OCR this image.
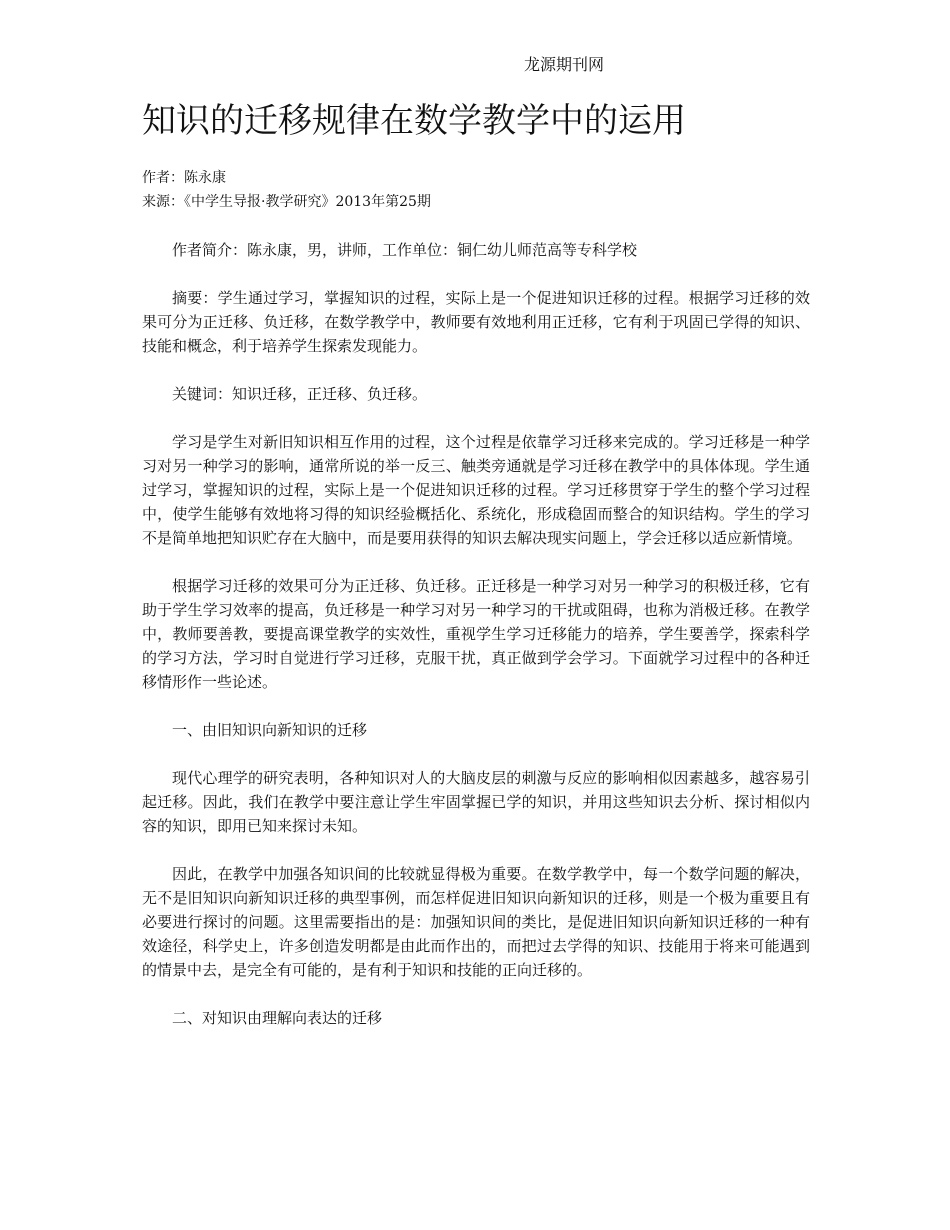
龙源期刊网
知识的迁移规律在数学教学中的运用
作者：陈永康
来源：《中学生导报·教学研究》2013年第25期

作者简介：陈永康，男，讲师，工作单位：铜仁幼儿师范高等专科学校

摘要：学生通过学习，掌握知识的过程，实际上是一个促进知识迁移的过程。根据学习迁移的效果可分为正迁移、负迁移，在数学教学中，教师要有效地利用正迁移，它有利于巩固已学得的知识、技能和概念，利于培养学生探索发现能力。

关键词：知识迁移，正迁移、负迁移。

学习是学生对新旧知识相互作用的过程，这个过程是依靠学习迁移来完成的。学习迁移是一种学习对另一种学习的影响，通常所说的举一反三、触类旁通就是学习迁移在教学中的具体体现。学生通过学习，掌握知识的过程，实际上是一个促进知识迁移的过程。学习迁移贯穿于学生的整个学习过程中，使学生能够有效地将习得的知识经验概括化、系统化，形成稳固而整合的知识结构。学生的学习不是简单地把知识贮存在大脑中，而是要用获得的知识去解决现实问题上，学会迁移以适应新情境。

根据学习迁移的效果可分为正迁移、负迁移。正迁移是一种学习对另一种学习的积极迁移，它有助于学生学习效率的提高，负迁移是一种学习对另一种学习的干扰或阻碍，也称为消极迁移。在教学中，教师要善教，要提高课堂教学的实效性，重视学生学习迁移能力的培养，学生要善学，探索科学的学习方法，学习时自觉进行学习迁移，克服干扰，真正做到学会学习。下面就学习过程中的各种迁移情形作一些论述。

一、由旧知识向新知识的迁移

现代心理学的研究表明，各种知识对人的大脑皮层的刺激与反应的影响相似因素越多，越容易引起迁移。因此，我们在教学中要注意让学生牢固掌握已学的知识，并用这些知识去分析、探讨相似内容的知识，即用已知来探讨未知。

因此，在教学中加强各知识间的比较就显得极为重要。在数学教学中，每一个数学问题的解决，无不是旧知识向新知识迁移的典型事例，而怎样促进旧知识向新知识的迁移，则是一个极为重要且有必要进行探讨的问题。这里需要指出的是：加强知识间的类比，是促进旧知识向新知识迁移的一种有效途径，科学史上，许多创造发明都是由此而作出的，而把过去学得的知识、技能用于将来可能遇到的情景中去，是完全有可能的，是有利于知识和技能的正向迁移的。

二、对知识由理解向表达的迁移
